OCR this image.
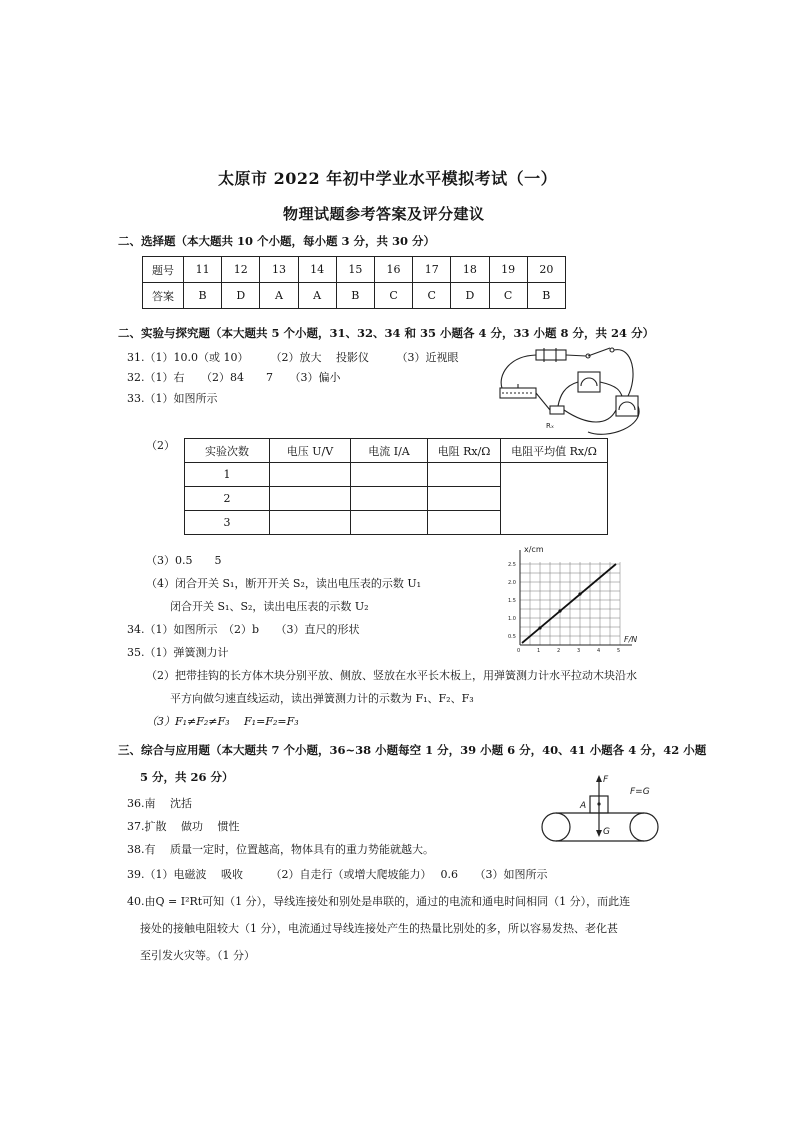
太原市 2022 年初中学业水平模拟考试（一）
物理试题参考答案及评分建议
二、选择题（本大题共 10 个小题，每小题 3 分，共 30 分）
题号	11	12	13	14	15	16	17	18	19	20
答案	B	D	A	A	B	C	C	D	C	B
二、实验与探究题（本大题共 5 个小题，31、32、34 和 35 小题各 4 分，33 小题 8 分，共 24 分）
31.（1）10.0（或 10）　　　（2）放大　 投影仪　　　（3）近视眼
32.（1）右　　（2）84　　7　　（3）偏小
33.（1）如图所示
Rₓ
（2）	实验次数	电压 U/V	电流 I/A	电阻 Rx/Ω	电阻平均值 Rx/Ω
1				
2				
3				
（3）0.5　　5
（4）闭合开关 S₁，断开开关 S₂，读出电压表的示数 U₁
闭合开关 S₁、S₂，读出电压表的示数 U₂
34.（1）如图所示　（2）b　　（3）直尺的形状
35.（1）弹簧测力计
2.5
2.0
1.5
1.0
0.5
0	1	2	3	4	5
x/cm
F/N
（2）把带挂钩的长方体木块分别平放、侧放、竖放在水平长木板上，用弹簧测力计水平拉动木块沿水
平方向做匀速直线运动，读出弹簧测力计的示数为 F₁、F₂、F₃
（3）F₁≠F₂≠F₃　 F₁=F₂=F₃
三、综合与应用题（本大题共 7 个小题，36~38 小题每空 1 分，39 小题 6 分，40、41 小题各 4 分，42 小题
5 分，共 26 分）
36.南　 沈括
37.扩散　 做功　 惯性
38.有　 质量一定时，位置越高，物体具有的重力势能就越大。
39.（1）电磁波　 吸收　　　（2）自走行（或增大爬坡能力）　 0.6　　（3）如图所示
F
G
A
F=G
40.由Q = I²Rt可知（1 分），导线连接处和别处是串联的，通过的电流和通电时间相同（1 分），而此连
接处的接触电阻较大（1 分），电流通过导线连接处产生的热量比别处的多，所以容易发热、老化甚
至引发火灾等。（1 分）
